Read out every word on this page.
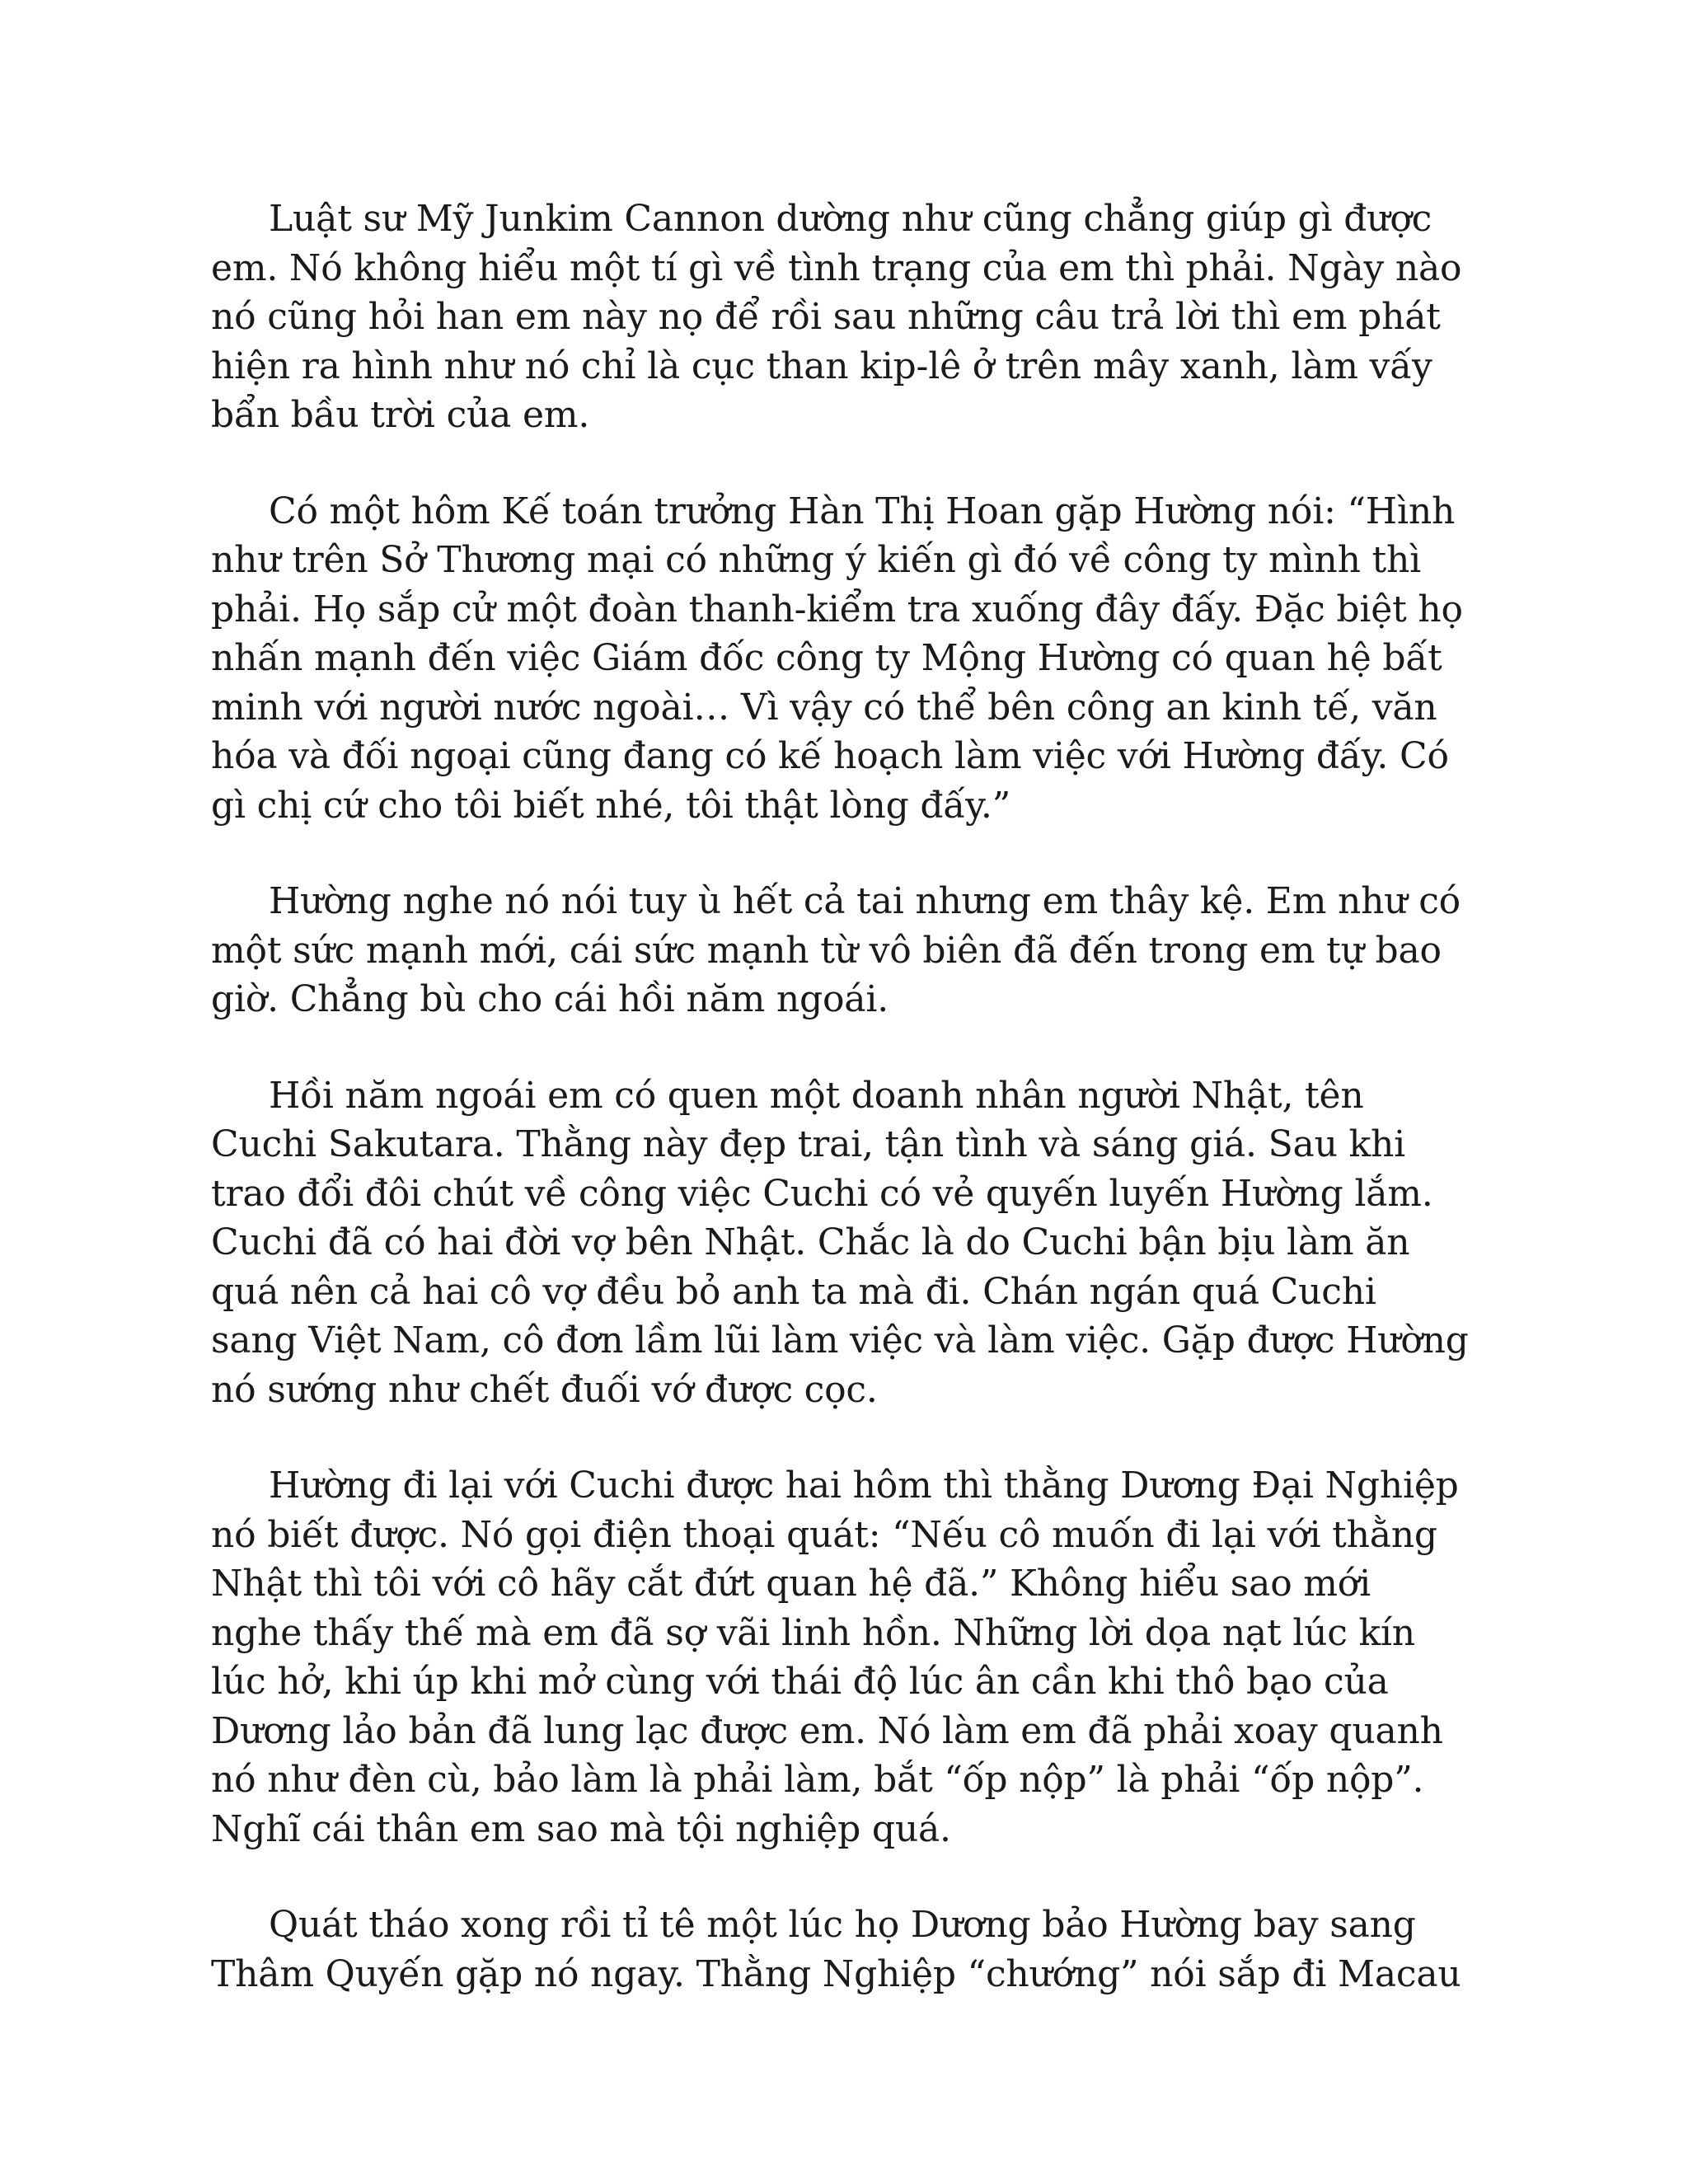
Luật sư Mỹ Junkim Cannon dường như cũng chẳng giúp gì được em. Nó không hiểu một tí gì về tình trạng của em thì phải. Ngày nào nó cũng hỏi han em này nọ để rồi sau những câu trả lời thì em phát hiện ra hình như nó chỉ là cục than kip-lê ở trên mây xanh, làm vấy bẩn bầu trời của em.

Có một hôm Kế toán trưởng Hàn Thị Hoan gặp Hường nói: “Hình như trên Sở Thương mại có những ý kiến gì đó về công ty mình thì phải. Họ sắp cử một đoàn thanh-kiểm tra xuống đây đấy. Đặc biệt họ nhấn mạnh đến việc Giám đốc công ty Mộng Hường có quan hệ bất minh với người nước ngoài… Vì vậy có thể bên công an kinh tế, văn hóa và đối ngoại cũng đang có kế hoạch làm việc với Hường đấy. Có gì chị cứ cho tôi biết nhé, tôi thật lòng đấy.”

Hường nghe nó nói tuy ù hết cả tai nhưng em thây kệ. Em như có một sức mạnh mới, cái sức mạnh từ vô biên đã đến trong em tự bao giờ. Chẳng bù cho cái hồi năm ngoái.

Hồi năm ngoái em có quen một doanh nhân người Nhật, tên Cuchi Sakutara. Thằng này đẹp trai, tận tình và sáng giá. Sau khi trao đổi đôi chút về công việc Cuchi có vẻ quyến luyến Hường lắm. Cuchi đã có hai đời vợ bên Nhật. Chắc là do Cuchi bận bịu làm ăn quá nên cả hai cô vợ đều bỏ anh ta mà đi. Chán ngán quá Cuchi sang Việt Nam, cô đơn lầm lũi làm việc và làm việc. Gặp được Hường nó sướng như chết đuối vớ được cọc.

Hường đi lại với Cuchi được hai hôm thì thằng Dương Đại Nghiệp nó biết được. Nó gọi điện thoại quát: “Nếu cô muốn đi lại với thằng Nhật thì tôi với cô hãy cắt đứt quan hệ đã.” Không hiểu sao mới nghe thấy thế mà em đã sợ vãi linh hồn. Những lời dọa nạt lúc kín lúc hở, khi úp khi mở cùng với thái độ lúc ân cần khi thô bạo của Dương lảo bản đã lung lạc được em. Nó làm em đã phải xoay quanh nó như đèn cù, bảo làm là phải làm, bắt “ốp nộp” là phải “ốp nộp”. Nghĩ cái thân em sao mà tội nghiệp quá.

Quát tháo xong rồi tỉ tê một lúc họ Dương bảo Hường bay sang Thâm Quyến gặp nó ngay. Thằng Nghiệp “chướng” nói sắp đi Macau
